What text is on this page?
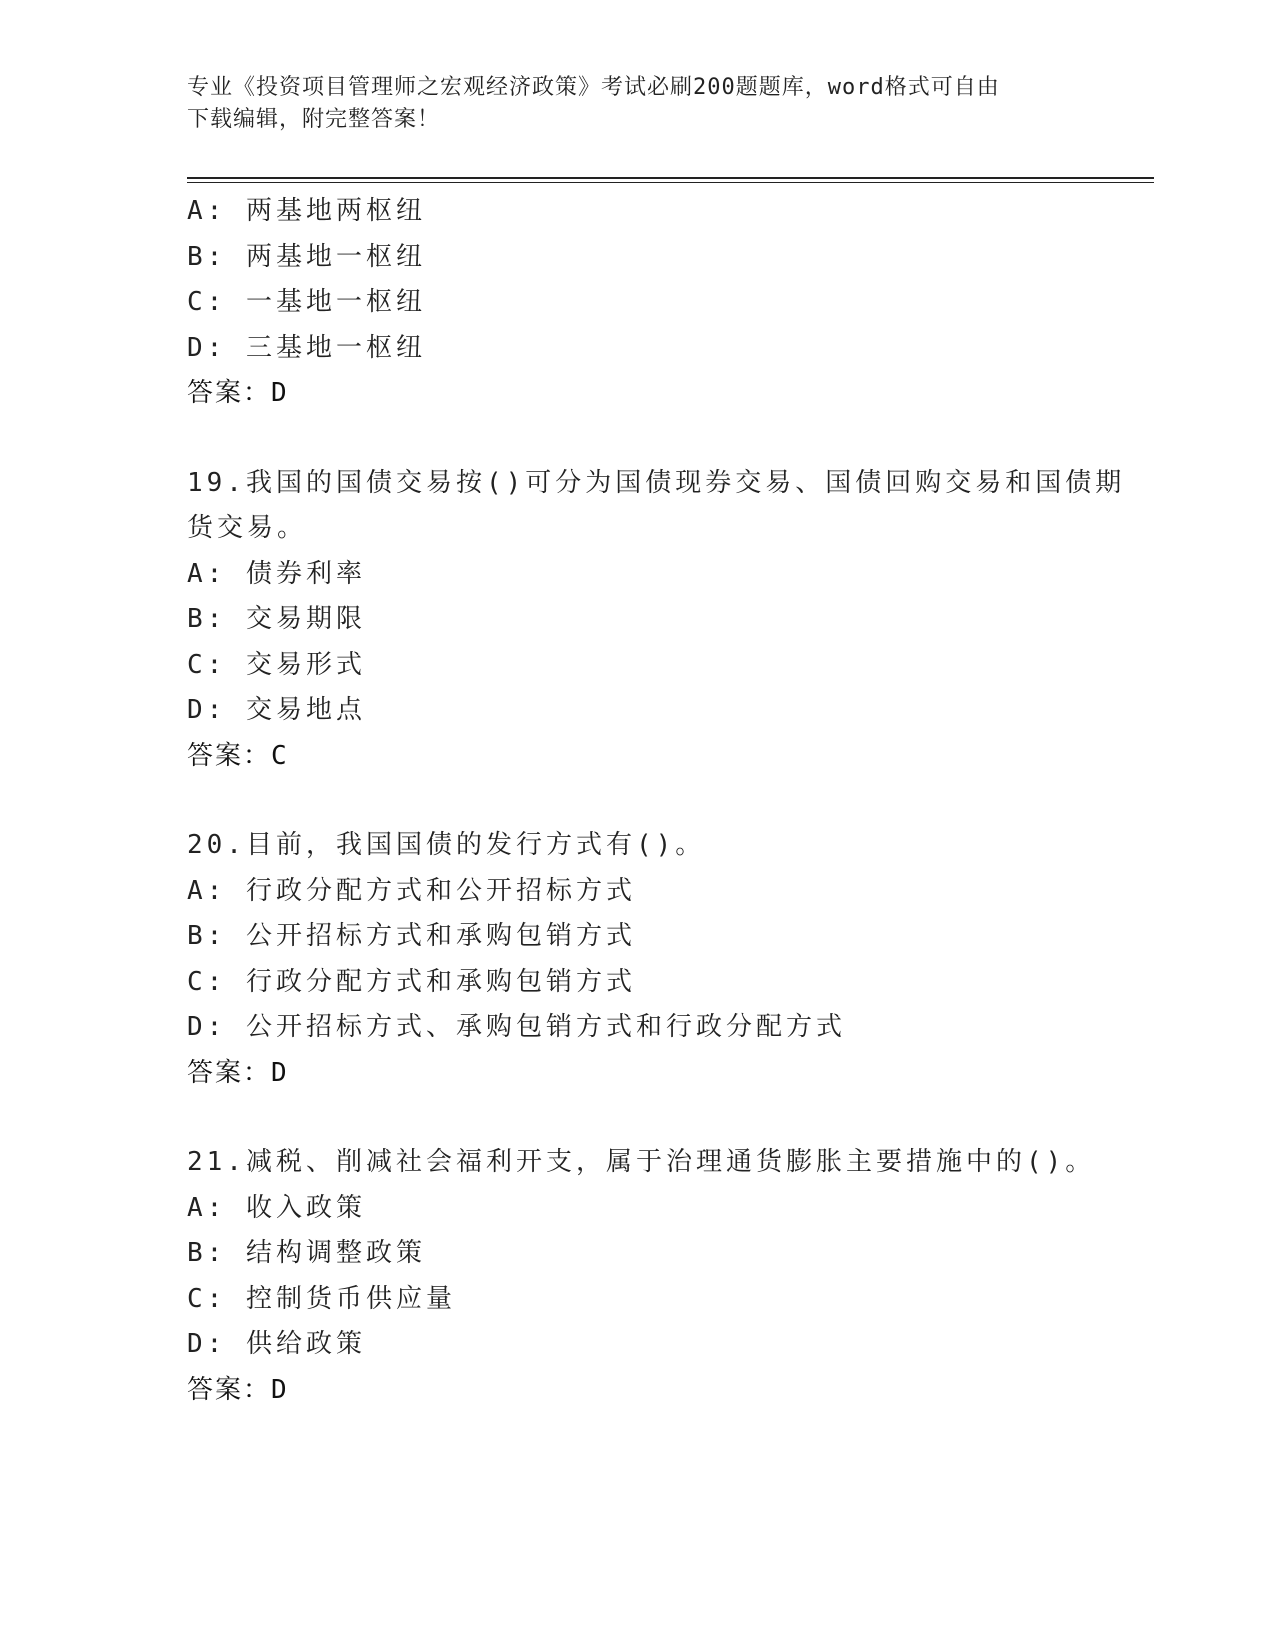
专业《投资项目管理师之宏观经济政策》考试必刷200题题库，word格式可自由
下载编辑，附完整答案！
A: 两基地两枢纽
B: 两基地一枢纽
C: 一基地一枢纽
D: 三基地一枢纽
答案：D
19.我国的国债交易按()可分为国债现券交易、国债回购交易和国债期
货交易。
A: 债券利率
B: 交易期限
C: 交易形式
D: 交易地点
答案：C
20.目前，我国国债的发行方式有()。
A: 行政分配方式和公开招标方式
B: 公开招标方式和承购包销方式
C: 行政分配方式和承购包销方式
D: 公开招标方式、承购包销方式和行政分配方式
答案：D
21.减税、削减社会福利开支，属于治理通货膨胀主要措施中的()。
A: 收入政策
B: 结构调整政策
C: 控制货币供应量
D: 供给政策
答案：D
